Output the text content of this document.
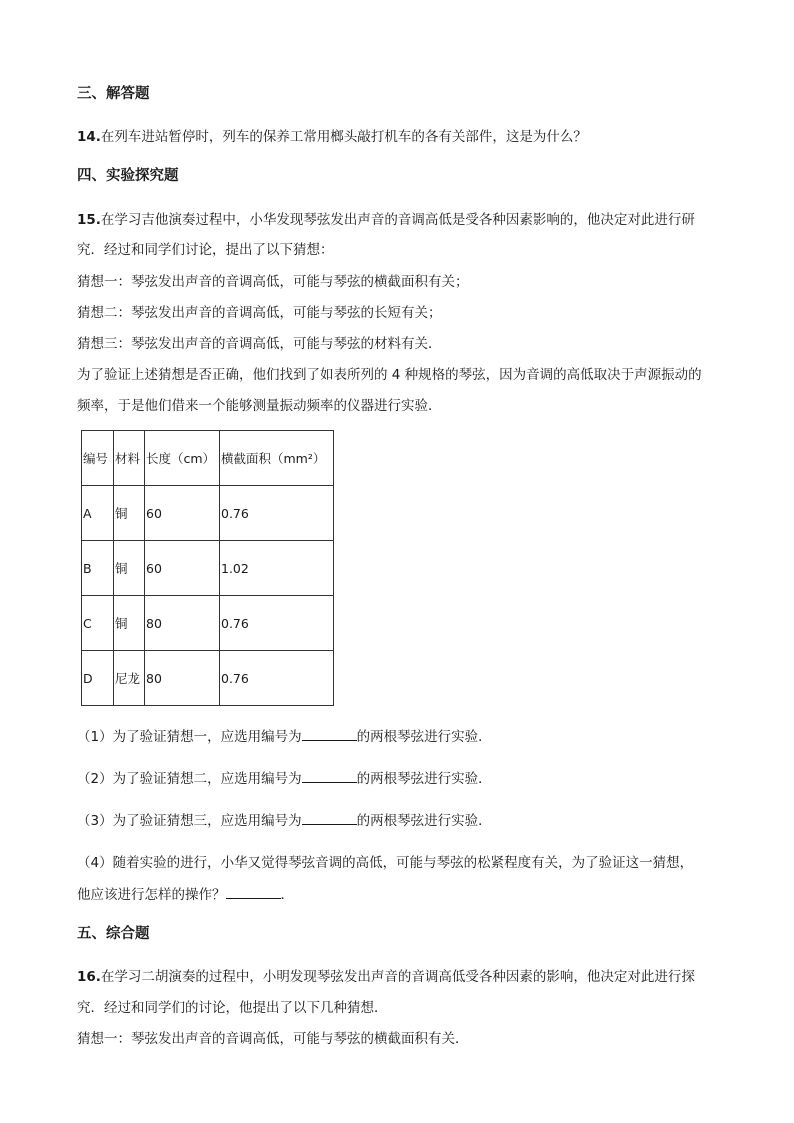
三、解答题
14.在列车进站暂停时，列车的保养工常用榔头敲打机车的各有关部件，这是为什么？
四、实验探究题
15.在学习吉他演奏过程中，小华发现琴弦发出声音的音调高低是受各种因素影响的，他决定对此进行研
究．经过和同学们讨论，提出了以下猜想：
猜想一：琴弦发出声音的音调高低，可能与琴弦的横截面积有关；
猜想二：琴弦发出声音的音调高低，可能与琴弦的长短有关；
猜想三：琴弦发出声音的音调高低，可能与琴弦的材料有关．
为了验证上述猜想是否正确，他们找到了如表所列的 4 种规格的琴弦，因为音调的高低取决于声源振动的
频率，于是他们借来一个能够测量振动频率的仪器进行实验．
编号	材料	长度（cm）	横截面积（mm²）
A	铜	60	0.76
B	铜	60	1.02
C	铜	80	0.76
D	尼龙	80	0.76
（1）为了验证猜想一，应选用编号为	的两根琴弦进行实验．
（2）为了验证猜想二，应选用编号为	的两根琴弦进行实验．
（3）为了验证猜想三，应选用编号为	的两根琴弦进行实验．
（4）随着实验的进行，小华又觉得琴弦音调的高低，可能与琴弦的松紧程度有关，为了验证这一猜想，
他应该进行怎样的操作？	．
五、综合题
16.在学习二胡演奏的过程中，小明发现琴弦发出声音的音调高低受各种因素的影响，他决定对此进行探
究．经过和同学们的讨论，他提出了以下几种猜想．
猜想一：琴弦发出声音的音调高低，可能与琴弦的横截面积有关．
